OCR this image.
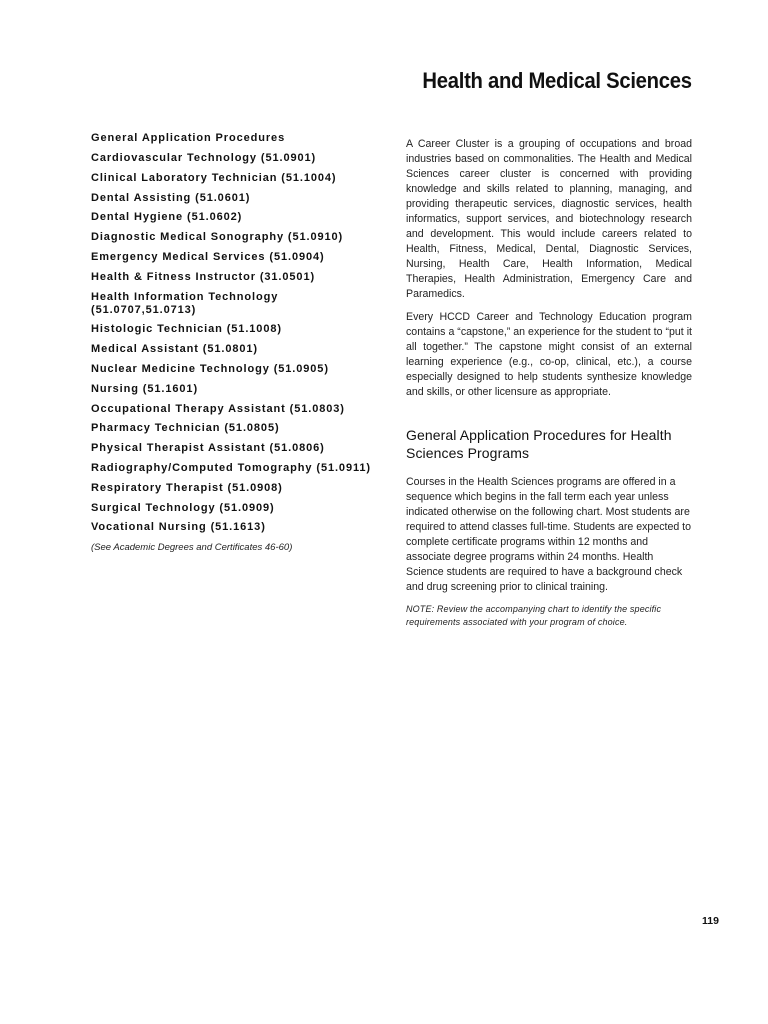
Health and Medical Sciences
General Application Procedures
Cardiovascular Technology (51.0901)
Clinical Laboratory Technician (51.1004)
Dental Assisting (51.0601)
Dental Hygiene (51.0602)
Diagnostic Medical Sonography (51.0910)
Emergency Medical Services (51.0904)
Health & Fitness Instructor (31.0501)
Health Information Technology (51.0707,51.0713)
Histologic Technician (51.1008)
Medical Assistant (51.0801)
Nuclear Medicine Technology (51.0905)
Nursing (51.1601)
Occupational Therapy Assistant (51.0803)
Pharmacy Technician (51.0805)
Physical Therapist Assistant (51.0806)
Radiography/Computed Tomography (51.0911)
Respiratory Therapist (51.0908)
Surgical Technology (51.0909)
Vocational Nursing (51.1613)

(See Academic Degrees and Certificates 46-60)

A Career Cluster is a grouping of occupations and broad industries based on commonalities. The Health and Medical Sciences career cluster is concerned with providing knowledge and skills related to planning, managing, and providing therapeutic services, diagnostic services, health informatics, support services, and biotechnology research and development. This would include careers related to Health, Fitness, Medical, Dental, Diagnostic Services, Nursing, Health Care, Health Information, Medical Therapies, Health Administration, Emergency Care and Paramedics.

Every HCCD Career and Technology Education program contains a “capstone,” an experience for the student to “put it all together.” The capstone might consist of an external learning experience (e.g., co-op, clinical, etc.), a course especially designed to help students synthesize knowledge and skills, or other licensure as appropriate.

General Application Procedures for Health Sciences Programs

Courses in the Health Sciences programs are offered in a sequence which begins in the fall term each year unless indicated otherwise on the following chart. Most students are required to attend classes full-time. Students are expected to complete certificate programs within 12 months and associate degree programs within 24 months. Health Science students are required to have a background check and drug screening prior to clinical training.

NOTE: Review the accompanying chart to identify the specific requirements associated with your program of choice.

119
